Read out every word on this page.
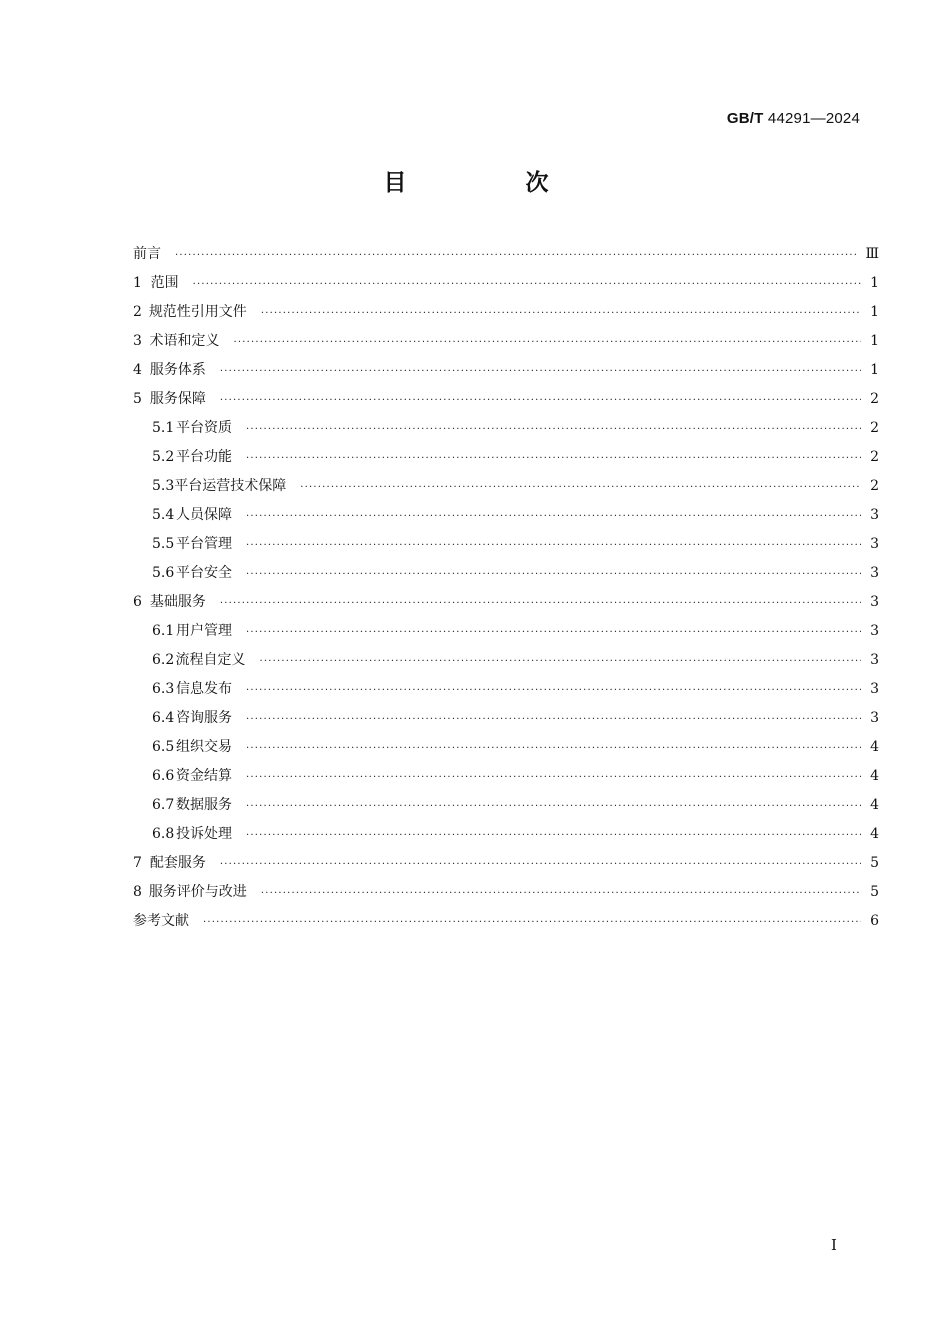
GB/T 44291—2024
目　次
前言 ·····	Ⅲ
1 范围 ·····	1
2 规范性引用文件 ·····	1
3 术语和定义 ·····	1
4 服务体系 ·····	1
5 服务保障 ·····	2
5.1 平台资质 ·····	2
5.2 平台功能 ·····	2
5.3 平台运营技术保障 ·····	2
5.4 人员保障 ·····	3
5.5 平台管理 ·····	3
5.6 平台安全 ·····	3
6 基础服务 ·····	3
6.1 用户管理 ·····	3
6.2 流程自定义 ·····	3
6.3 信息发布 ·····	3
6.4 咨询服务 ·····	3
6.5 组织交易 ·····	4
6.6 资金结算 ·····	4
6.7 数据服务 ·····	4
6.8 投诉处理 ·····	4
7 配套服务 ·····	5
8 服务评价与改进 ·····	5
参考文献 ·····	6
Ⅰ
